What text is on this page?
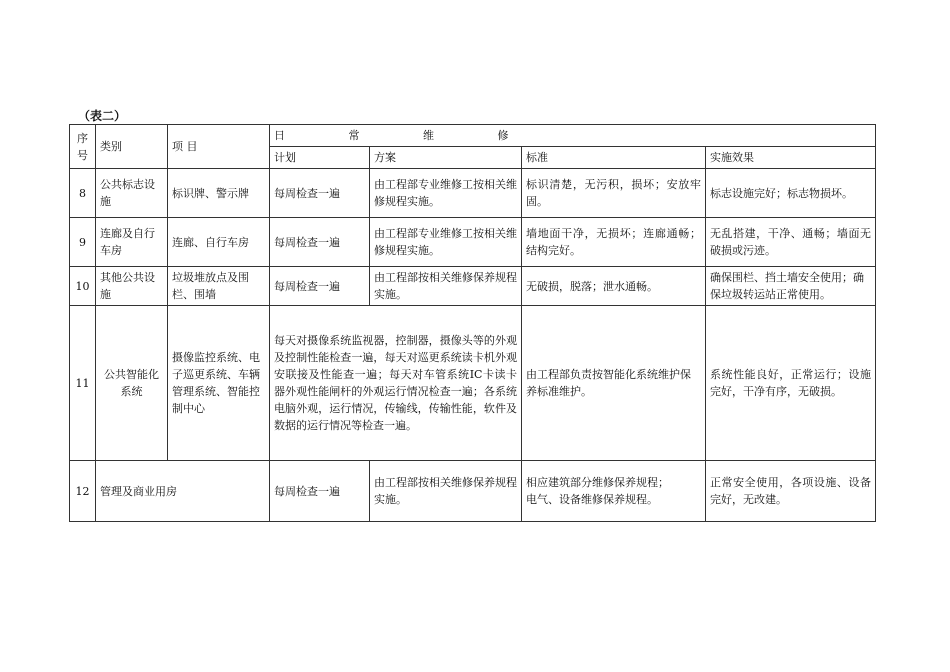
（表二）
序号	类别	项 目	日 常 维 修			
			计划	方案	标准	实施效果
8	公共标志设施	标识牌、警示牌	每周检查一遍	由工程部专业维修工按相关维修规程实施。	标识清楚，无污积，损坏；安放牢固。	标志设施完好；标志物损坏。
9	连廊及自行车房	连廊、自行车房	每周检查一遍	由工程部专业维修工按相关维修规程实施。	墙地面干净，无损坏；连廊通畅；结构完好。	无乱搭建，干净、通畅；墙面无破损或污迹。
10	其他公共设施	垃圾堆放点及围栏、围墙	每周检查一遍	由工程部按相关维修保养规程实施。	无破损，脱落；泄水通畅。	确保围栏、挡土墙安全使用；确保垃圾转运站正常使用。
11	公共智能化系统	摄像监控系统、电子巡更系统、车辆管理系统、智能控制中心	每天对摄像系统监视器，控制器，摄像头等的外观及控制性能检查一遍，每天对巡更系统读卡机外观安联接及性能查一遍；每天对车管系统IC卡读卡器外观性能闸杆的外观运行情况检查一遍；各系统电脑外观，运行情况，传输线，传输性能，软件及数据的运行情况等检查一遍。		由工程部负责按智能化系统维护保养标准维护。	系统性能良好，正常运行；设施完好，干净有序，无破损。
12	管理及商业用房		每周检查一遍	由工程部按相关维修保养规程实施。	相应建筑部分维修保养规程；
电气、设备维修保养规程。	正常安全使用，各项设施、设备完好，无改建。
